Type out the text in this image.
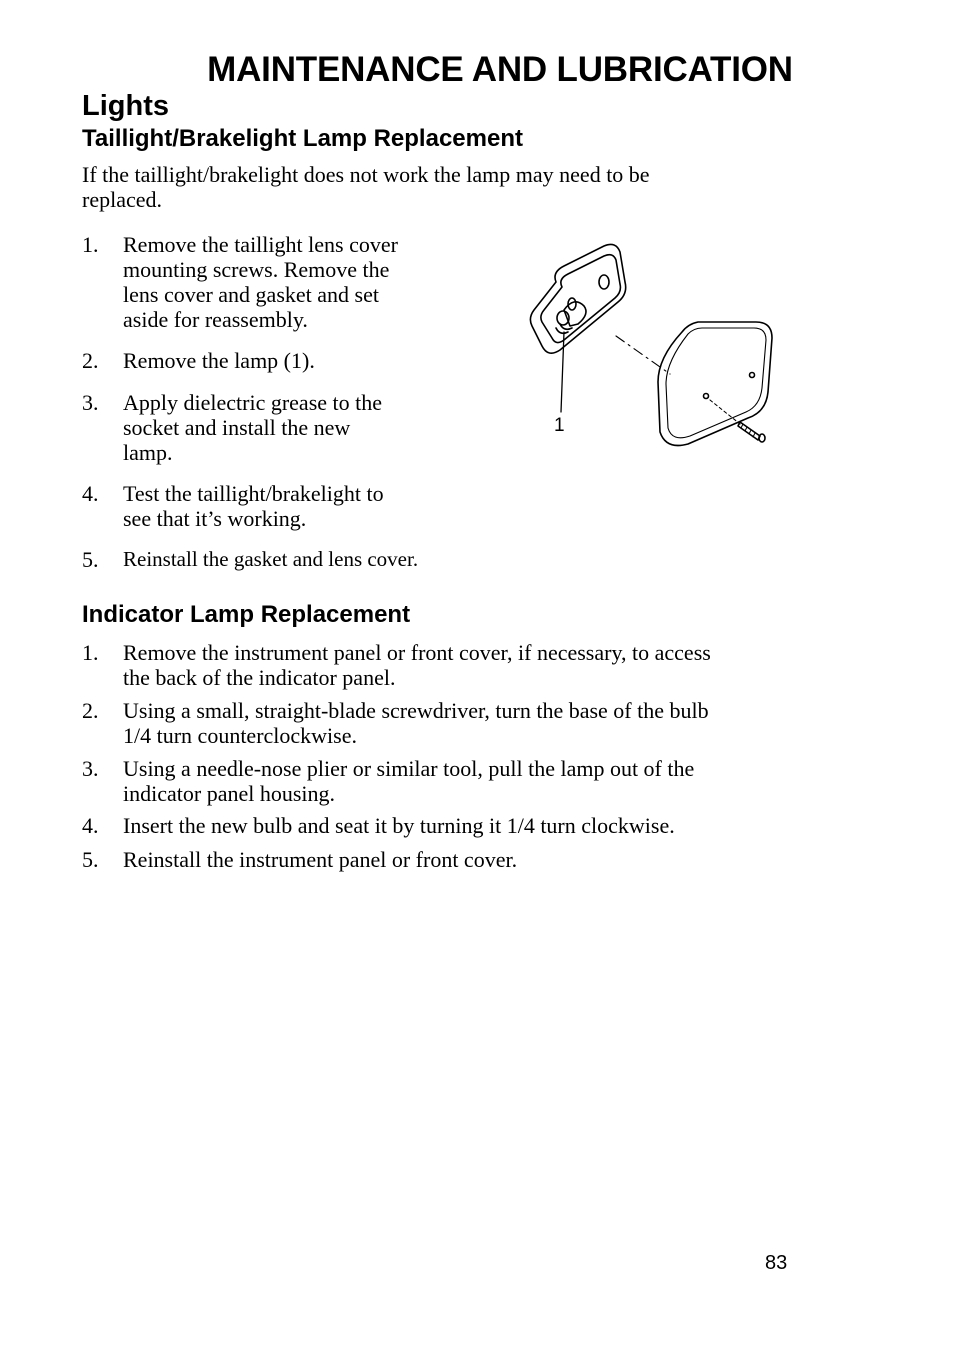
MAINTENANCE AND LUBRICATION
Lights
Taillight/Brakelight Lamp Replacement
If the taillight/brakelight does not work the lamp may need to be
replaced.
1. Remove the taillight lens cover
mounting screws. Remove the
lens cover and gasket and set
aside for reassembly.
2. Remove the lamp (1).
3. Apply dielectric grease to the
socket and install the new
lamp.
4. Test the taillight/brakelight to
see that it’s working.
5. Reinstall the gasket and lens cover.
1
Indicator Lamp Replacement
1. Remove the instrument panel or front cover, if necessary, to access
the back of the indicator panel.
2. Using a small, straight-blade screwdriver, turn the base of the bulb
1/4 turn counterclockwise.
3. Using a needle-nose plier or similar tool, pull the lamp out of the
indicator panel housing.
4. Insert the new bulb and seat it by turning it 1/4 turn clockwise.
5. Reinstall the instrument panel or front cover.
83
